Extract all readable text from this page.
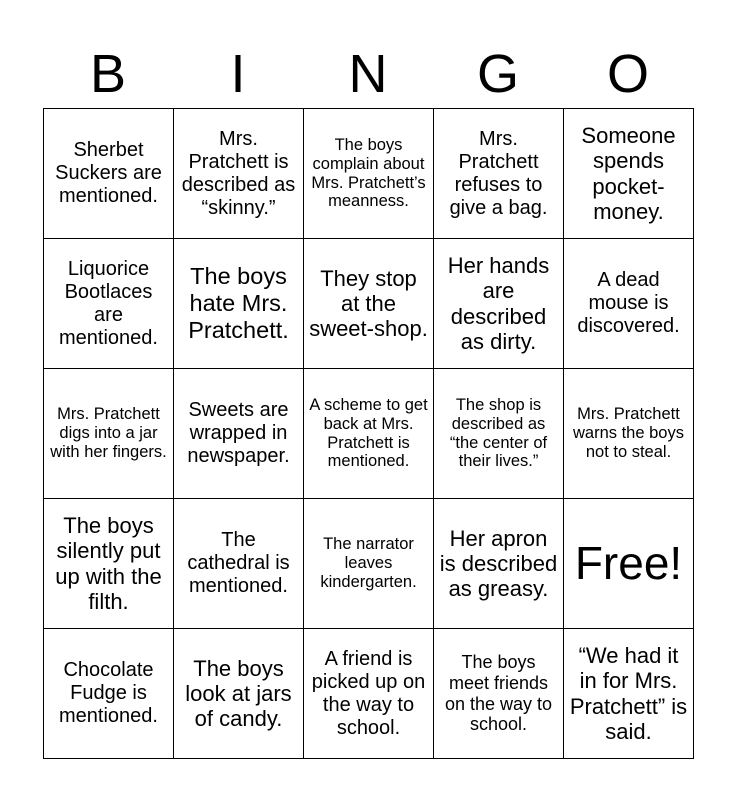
B	I	N	G	O
Sherbet Suckers are mentioned.	Mrs. Pratchett is described as “skinny.”	The boys complain about Mrs. Pratchett’s meanness.	Mrs. Pratchett refuses to give a bag.	Someone spends pocket-money.
Liquorice Bootlaces are mentioned.	The boys hate Mrs. Pratchett.	They stop at the sweet-shop.	Her hands are described as dirty.	A dead mouse is discovered.
Mrs. Pratchett digs into a jar with her fingers.	Sweets are wrapped in newspaper.	A scheme to get back at Mrs. Pratchett is mentioned.	The shop is described as “the center of their lives.”	Mrs. Pratchett warns the boys not to steal.
The boys silently put up with the filth.	The cathedral is mentioned.	The narrator leaves kindergarten.	Her apron is described as greasy.	Free!
Chocolate Fudge is mentioned.	The boys look at jars of candy.	A friend is picked up on the way to school.	The boys meet friends on the way to school.	“We had it in for Mrs. Pratchett” is said.
